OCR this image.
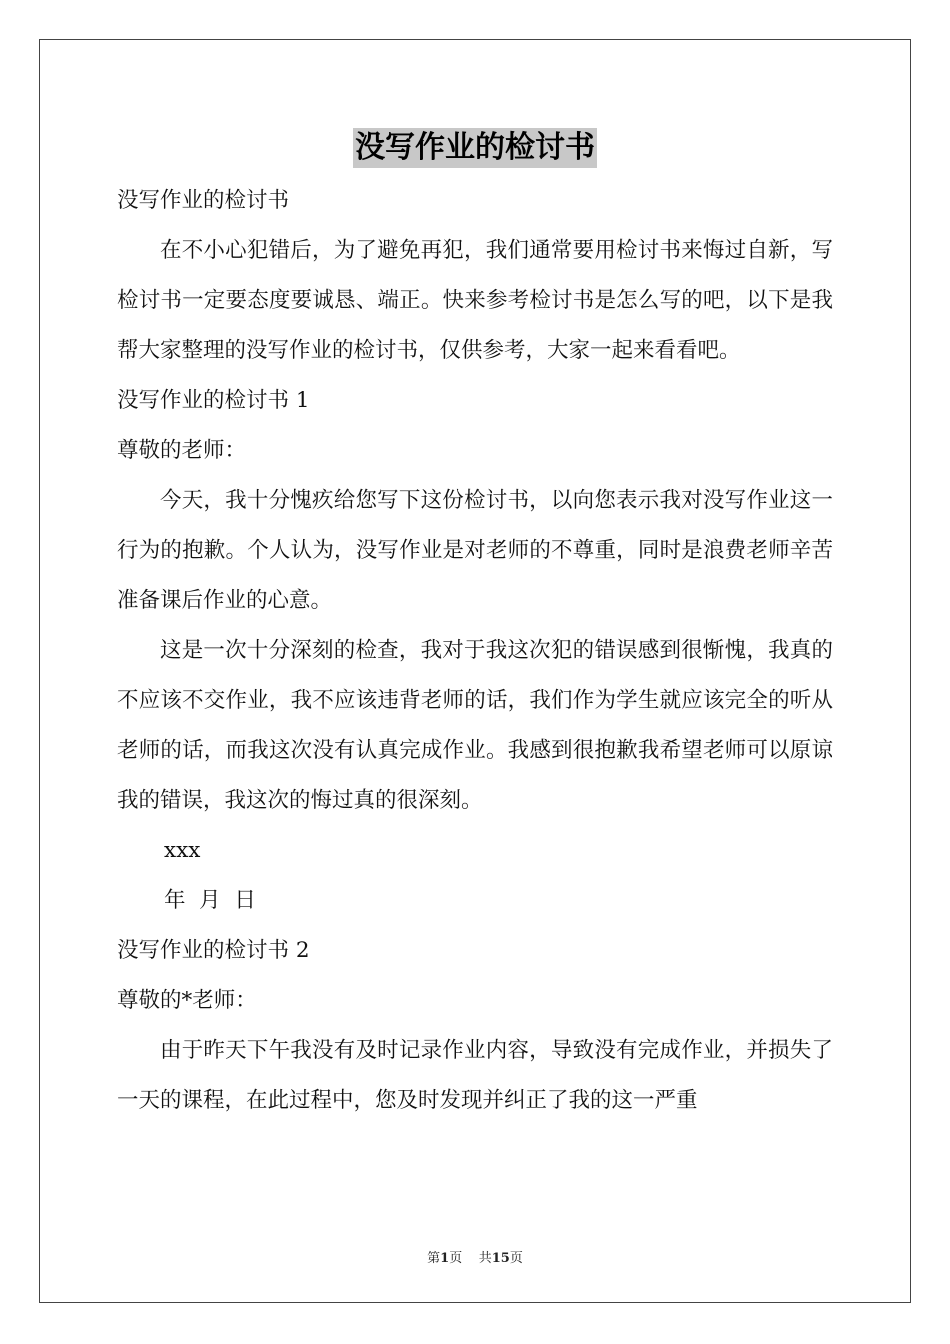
没写作业的检讨书
没写作业的检讨书
在不小心犯错后，为了避免再犯，我们通常要用检讨书来悔过自新，写检讨书一定要态度要诚恳、端正。快来参考检讨书是怎么写的吧，以下是我帮大家整理的没写作业的检讨书，仅供参考，大家一起来看看吧。
没写作业的检讨书 1
尊敬的老师：
今天，我十分愧疚给您写下这份检讨书，以向您表示我对没写作业这一行为的抱歉。个人认为，没写作业是对老师的不尊重，同时是浪费老师辛苦准备课后作业的心意。
这是一次十分深刻的检查，我对于我这次犯的错误感到很惭愧，我真的不应该不交作业，我不应该违背老师的话，我们作为学生就应该完全的听从老师的话，而我这次没有认真完成作业。我感到很抱歉我希望老师可以原谅我的错误，我这次的悔过真的很深刻。
xxx
年  月  日
没写作业的检讨书 2
尊敬的*老师：
由于昨天下午我没有及时记录作业内容，导致没有完成作业，并损失了一天的课程，在此过程中，您及时发现并纠正了我的这一严重
第1页    共15页
